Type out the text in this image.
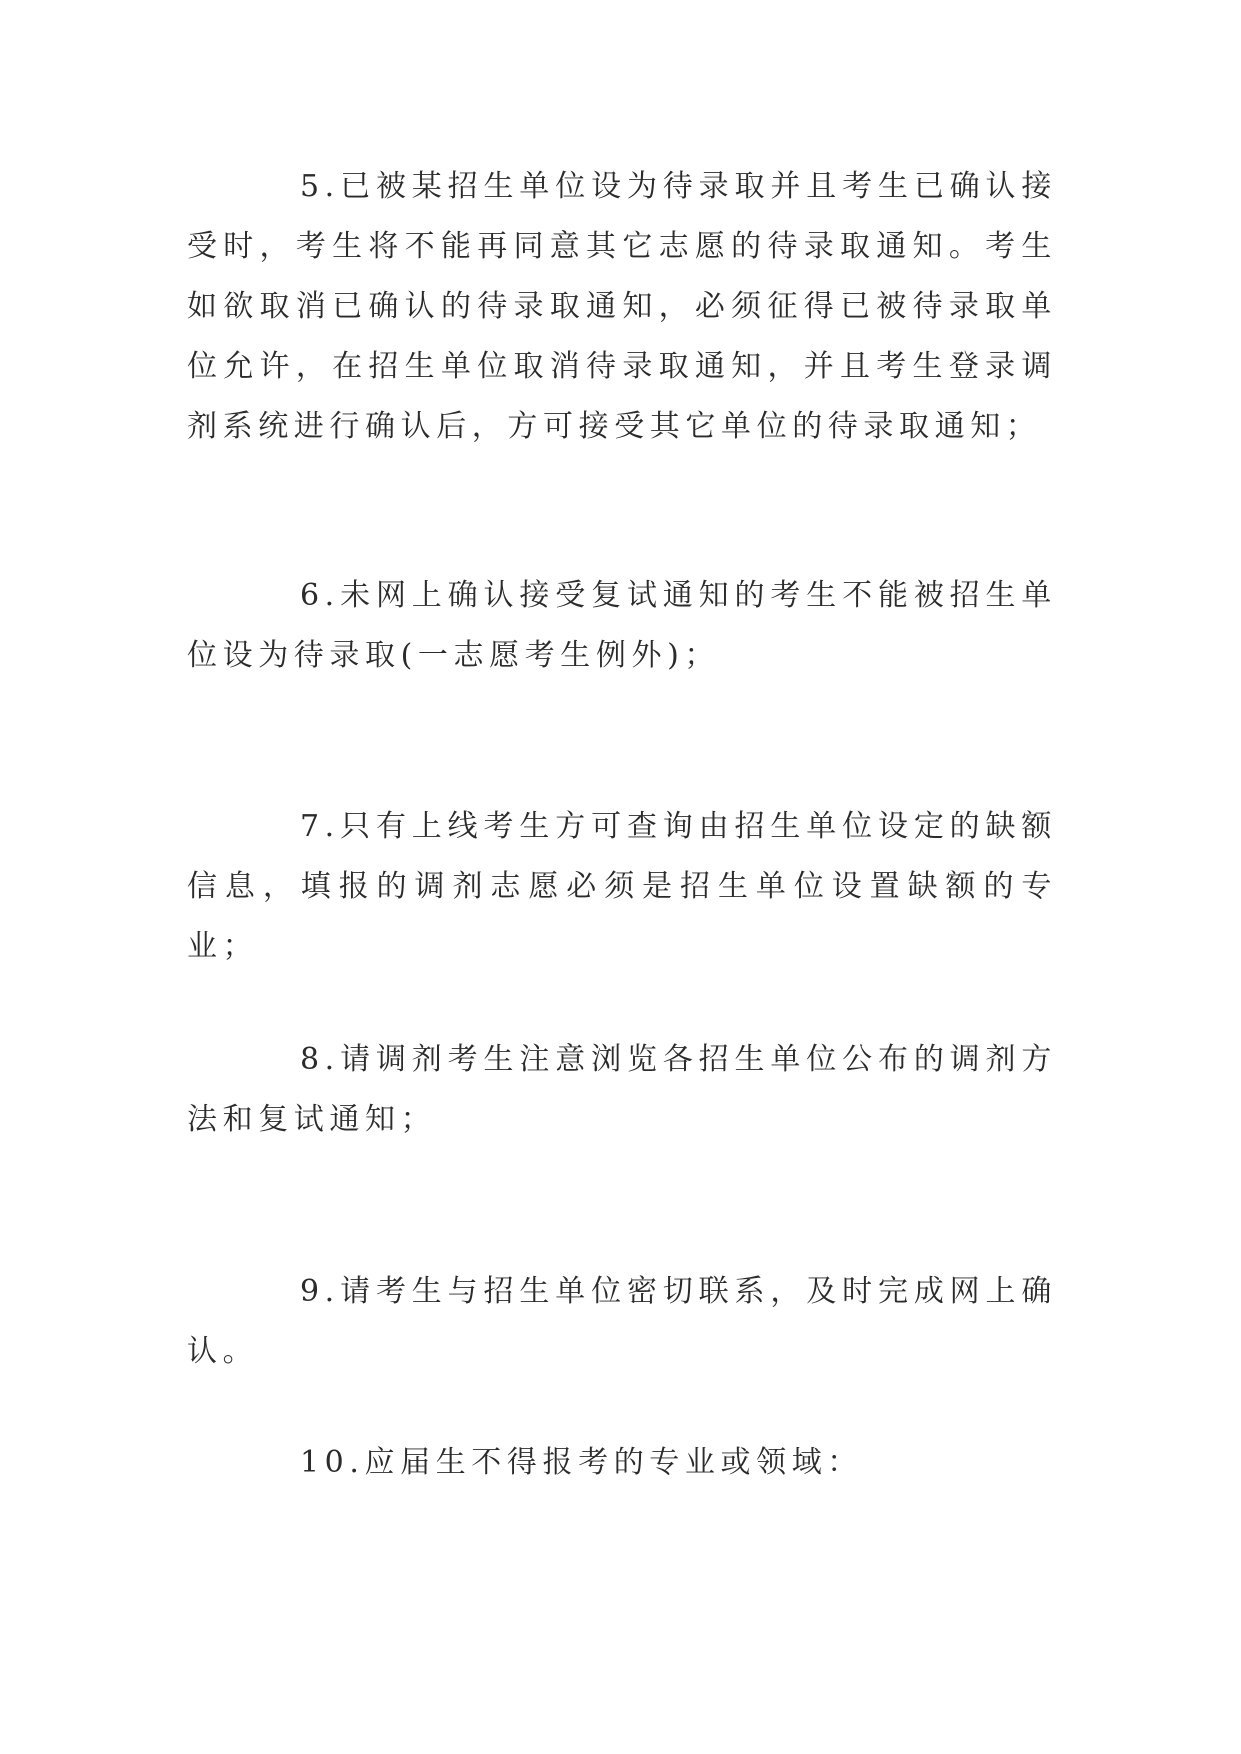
5.已被某招生单位设为待录取并且考生已确认接受时，考生将不能再同意其它志愿的待录取通知。考生如欲取消已确认的待录取通知，必须征得已被待录取单位允许，在招生单位取消待录取通知，并且考生登录调剂系统进行确认后，方可接受其它单位的待录取通知；

6.未网上确认接受复试通知的考生不能被招生单位设为待录取(一志愿考生例外)；

7.只有上线考生方可查询由招生单位设定的缺额信息，填报的调剂志愿必须是招生单位设置缺额的专业；

8.请调剂考生注意浏览各招生单位公布的调剂方法和复试通知；

9.请考生与招生单位密切联系，及时完成网上确认。

10.应届生不得报考的专业或领域：
